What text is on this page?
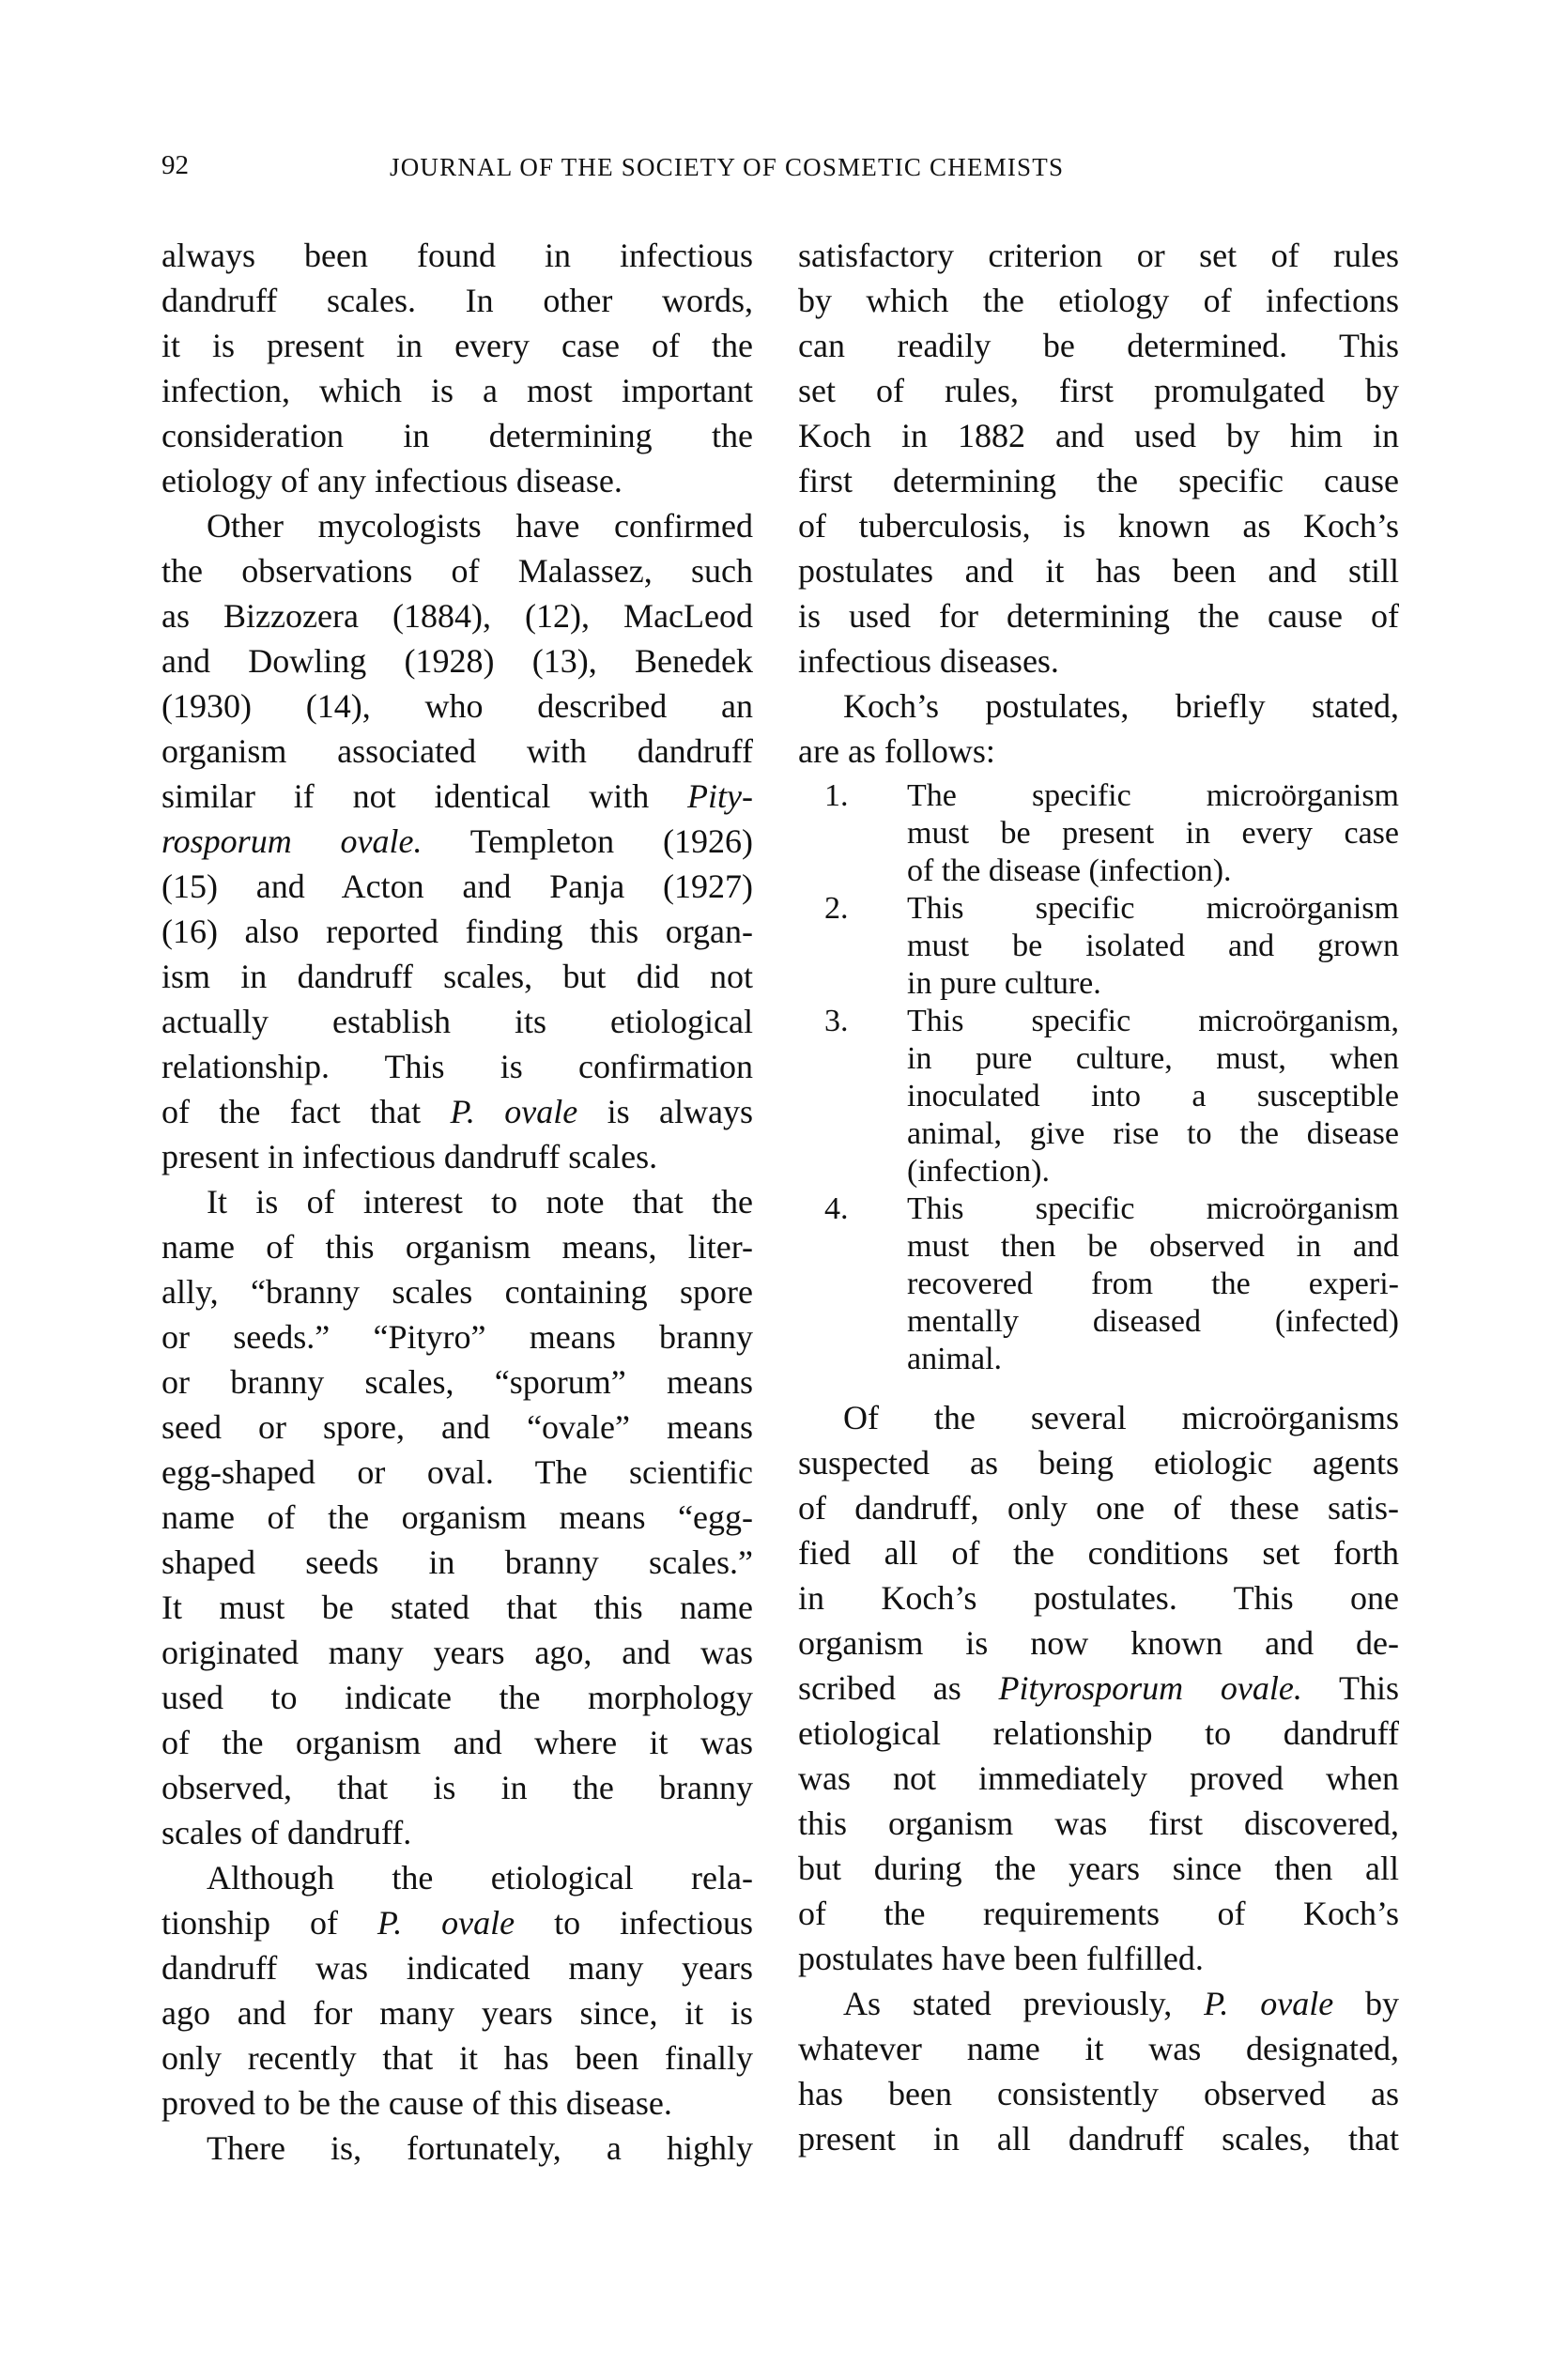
92	JOURNAL OF THE SOCIETY OF COSMETIC CHEMISTS
always been found in infectious
dandruff scales. In other words,
it is present in every case of the
infection, which is a most important
consideration in determining the
etiology of any infectious disease.
Other mycologists have confirmed
the observations of Malassez, such
as Bizzozera (1884), (12), MacLeod
and Dowling (1928) (13), Benedek
(1930) (14), who described an
organism associated with dandruff
similar if not identical with Pity-
rosporum ovale. Templeton (1926)
(15) and Acton and Panja (1927)
(16) also reported finding this organ-
ism in dandruff scales, but did not
actually establish its etiological
relationship. This is confirmation
of the fact that P. ovale is always
present in infectious dandruff scales.
It is of interest to note that the
name of this organism means, liter-
ally, “branny scales containing spore
or seeds.” “Pityro” means branny
or branny scales, “sporum” means
seed or spore, and “ovale” means
egg-shaped or oval. The scientific
name of the organism means “egg-
shaped seeds in branny scales.”
It must be stated that this name
originated many years ago, and was
used to indicate the morphology
of the organism and where it was
observed, that is in the branny
scales of dandruff.
Although the etiological rela-
tionship of P. ovale to infectious
dandruff was indicated many years
ago and for many years since, it is
only recently that it has been finally
proved to be the cause of this disease.
There is, fortunately, a highly
satisfactory criterion or set of rules
by which the etiology of infections
can readily be determined. This
set of rules, first promulgated by
Koch in 1882 and used by him in
first determining the specific cause
of tuberculosis, is known as Koch’s
postulates and it has been and still
is used for determining the cause of
infectious diseases.
Koch’s postulates, briefly stated,
are as follows:
1. The specific microörganism
must be present in every case
of the disease (infection).
2. This specific microörganism
must be isolated and grown
in pure culture.
3. This specific microörganism,
in pure culture, must, when
inoculated into a susceptible
animal, give rise to the disease
(infection).
4. This specific microörganism
must then be observed in and
recovered from the experi-
mentally diseased (infected)
animal.
Of the several microörganisms
suspected as being etiologic agents
of dandruff, only one of these satis-
fied all of the conditions set forth
in Koch’s postulates. This one
organism is now known and de-
scribed as Pityrosporum ovale. This
etiological relationship to dandruff
was not immediately proved when
this organism was first discovered,
but during the years since then all
of the requirements of Koch’s
postulates have been fulfilled.
As stated previously, P. ovale by
whatever name it was designated,
has been consistently observed as
present in all dandruff scales, that
